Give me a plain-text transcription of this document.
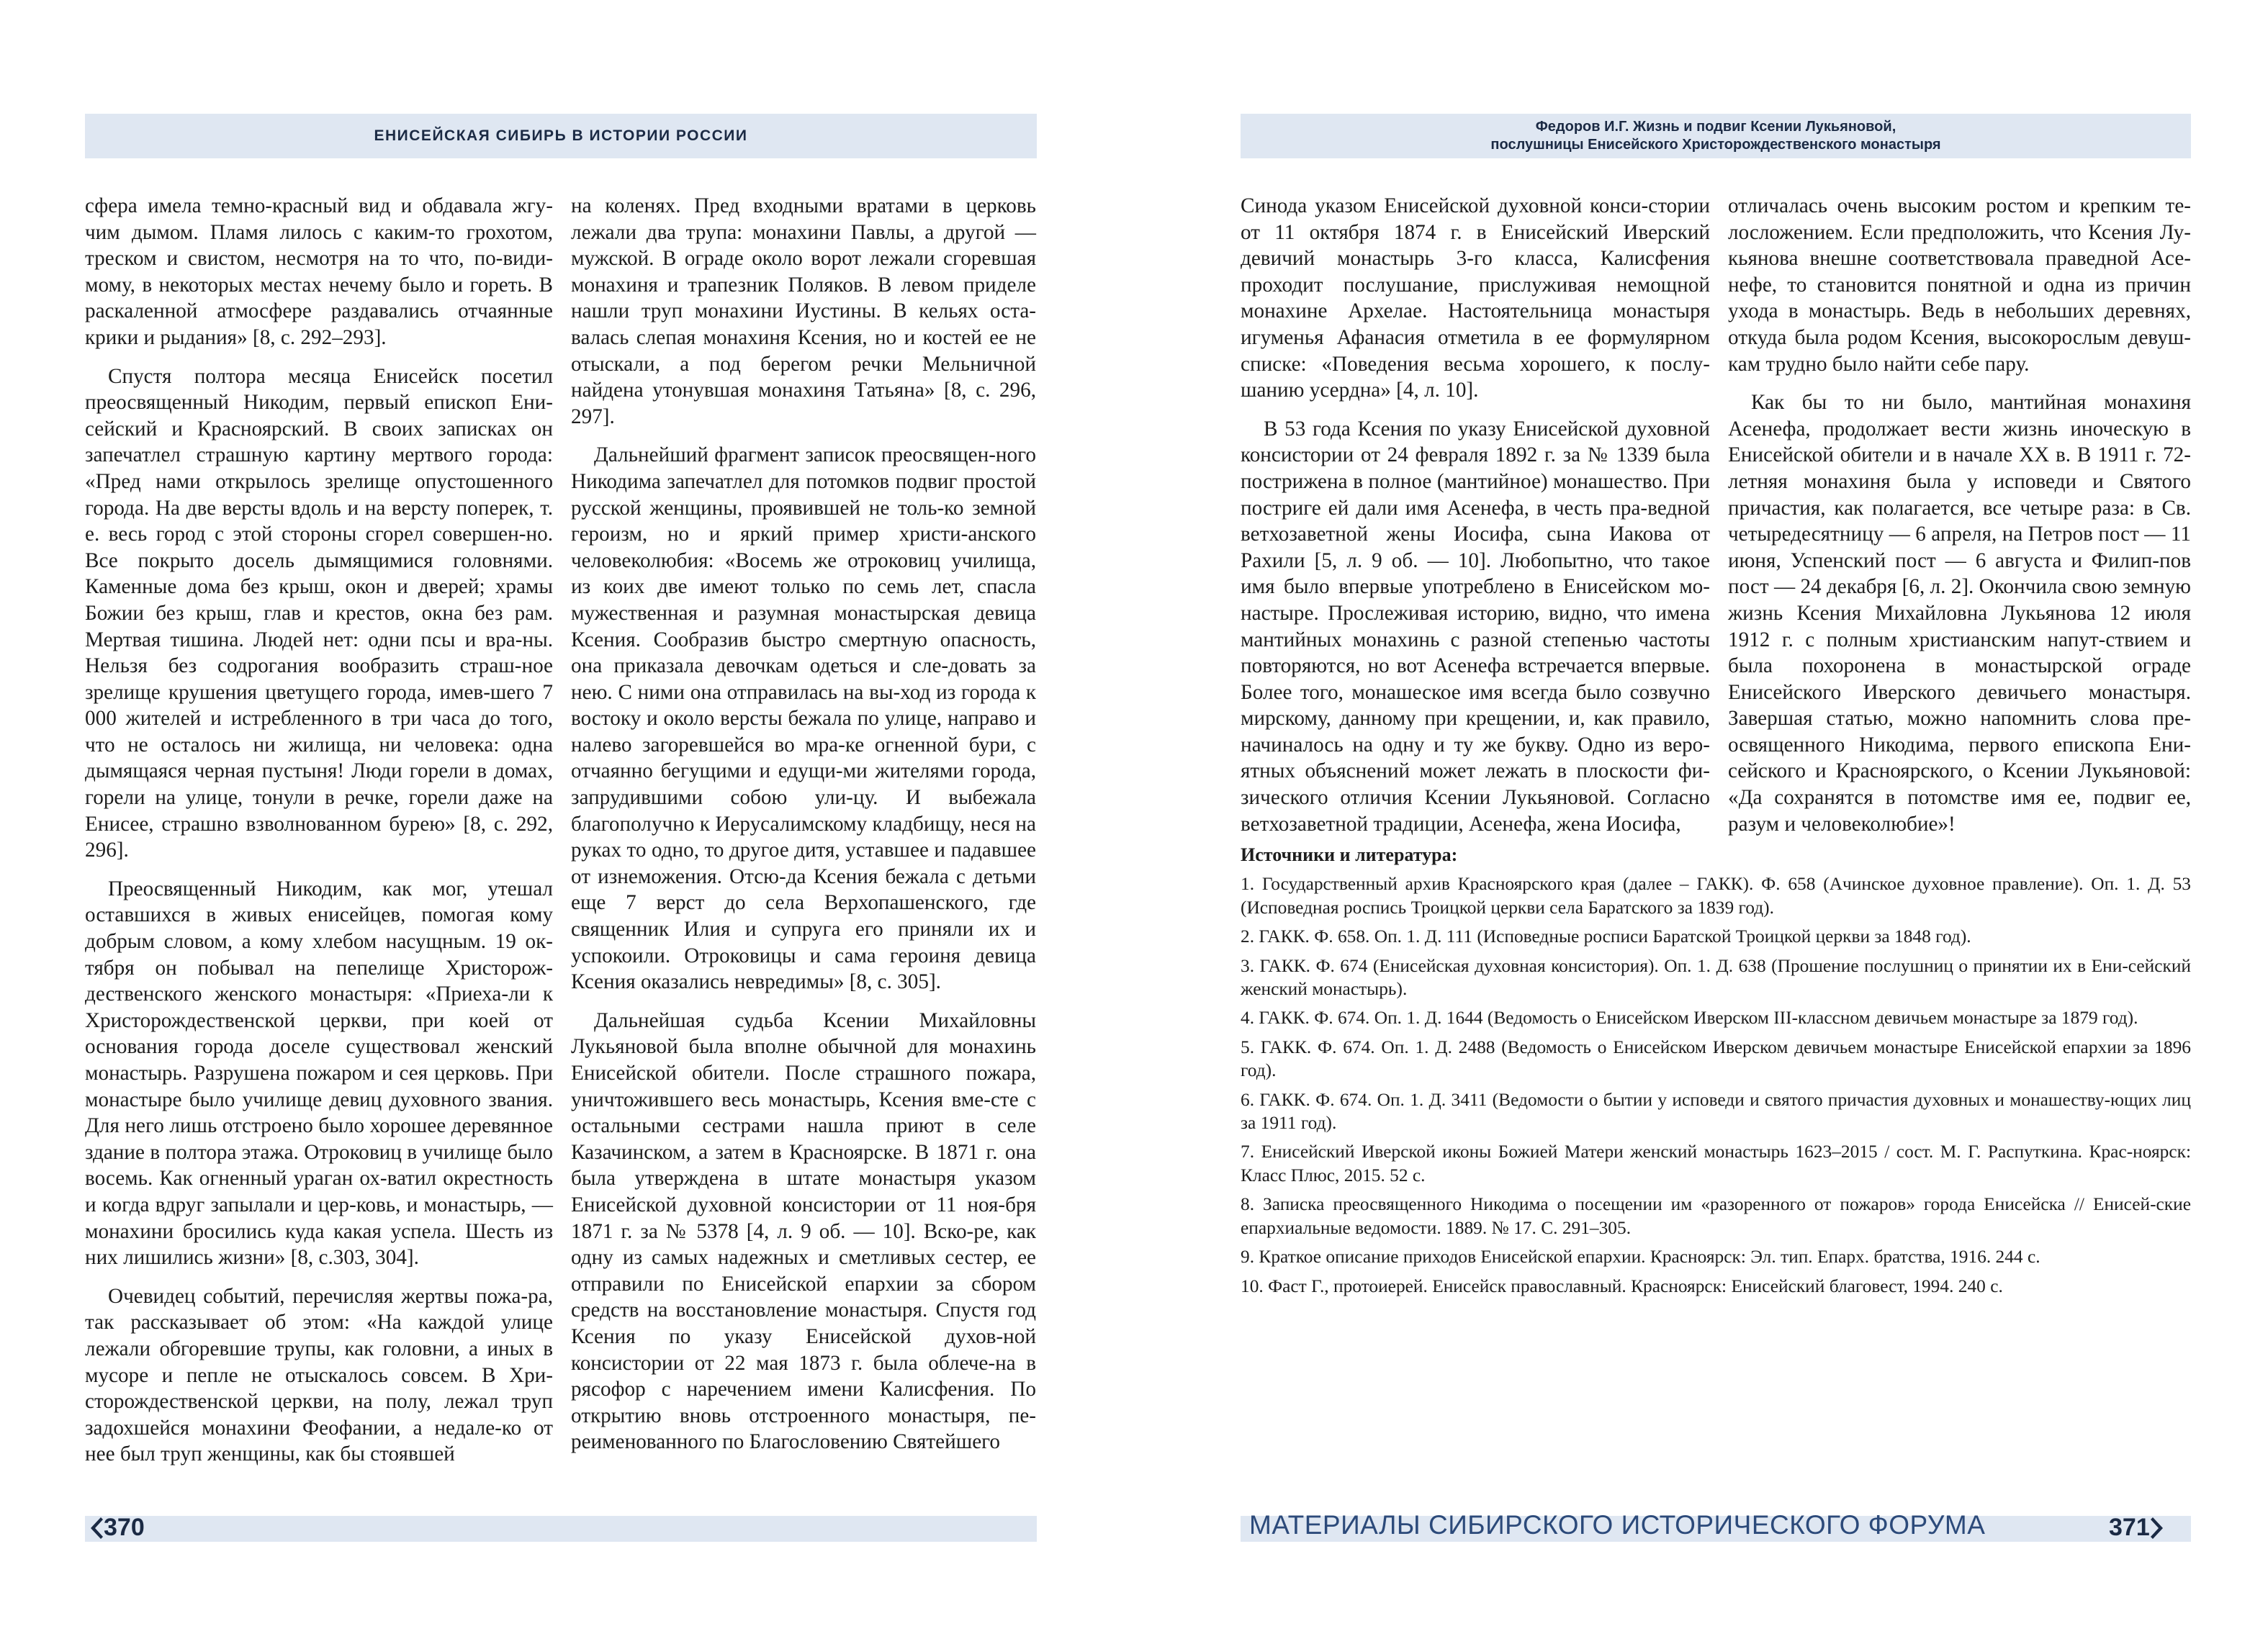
ЕНИСЕЙСКАЯ СИБИРЬ В ИСТОРИИ РОССИИ

сфера имела темно-красный вид и обдавала жгу-чим дымом. Пламя лилось с каким-то грохотом, треском и свистом, несмотря на то что, по-види-мому, в некоторых местах нечему было и гореть. В раскаленной атмосфере раздавались отчаянные крики и рыдания» [8, с. 292–293].

Спустя полтора месяца Енисейск посетил преосвященный Никодим, первый епископ Ени-сейский и Красноярский. В своих записках он запечатлел страшную картину мертвого города: «Пред нами открылось зрелище опустошенного города. На две версты вдоль и на версту поперек, т. е. весь город с этой стороны сгорел совершен-но. Все покрыто досель дымящимися головнями. Каменные дома без крыш, окон и дверей; храмы Божии без крыш, глав и крестов, окна без рам. Мертвая тишина. Людей нет: одни псы и вра-ны. Нельзя без содрогания вообразить страш-ное зрелище крушения цветущего города, имев-шего 7 000 жителей и истребленного в три часа до того, что не осталось ни жилища, ни человека: одна дымящаяся черная пустыня! Люди горели в домах, горели на улице, тонули в речке, горели даже на Енисее, страшно взволнованном бурею» [8, с. 292, 296].

Преосвященный Никодим, как мог, утешал оставшихся в живых енисейцев, помогая кому добрым словом, а кому хлебом насущным. 19 ок-тября он побывал на пепелище Христорож-дественского женского монастыря: «Приеха-ли к Христорождественской церкви, при коей от основания города доселе существовал женский монастырь. Разрушена пожаром и сея церковь. При монастыре было училище девиц духовного звания. Для него лишь отстроено было хорошее деревянное здание в полтора этажа. Отроковиц в училище было восемь. Как огненный ураган ох-ватил окрестность и когда вдруг запылали и цер-ковь, и монастырь, — монахини бросились куда какая успела. Шесть из них лишились жизни» [8, с.303, 304].

Очевидец событий, перечисляя жертвы пожа-ра, так рассказывает об этом: «На каждой улице лежали обгоревшие трупы, как головни, а иных в мусоре и пепле не отыскалось совсем. В Хри-сторождественской церкви, на полу, лежал труп задохшейся монахини Феофании, а недале-ко от нее был труп женщины, как бы стоявшей

на коленях. Пред входными вратами в церковь лежали два трупа: монахини Павлы, а другой — мужской. В ограде около ворот лежали сгоревшая монахиня и трапезник Поляков. В левом приделе нашли труп монахини Иустины. В кельях оста-валась слепая монахиня Ксения, но и костей ее не отыскали, а под берегом речки Мельничной найдена утонувшая монахиня Татьяна» [8, с. 296, 297].

Дальнейший фрагмент записок преосвящен-ного Никодима запечатлел для потомков подвиг простой русской женщины, проявившей не толь-ко земной героизм, но и яркий пример христи-анского человеколюбия: «Восемь же отроковиц училища, из коих две имеют только по семь лет, спасла мужественная и разумная монастырская девица Ксения. Сообразив быстро смертную опасность, она приказала девочкам одеться и сле-довать за нею. С ними она отправилась на вы-ход из города к востоку и около версты бежала по улице, направо и налево загоревшейся во мра-ке огненной бури, с отчаянно бегущими и едущи-ми жителями города, запрудившими собою ули-цу. И выбежала благополучно к Иерусалимскому кладбищу, неся на руках то одно, то другое дитя, уставшее и падавшее от изнеможения. Отсю-да Ксения бежала с детьми еще 7 верст до села Верхопашенского, где священник Илия и супруга его приняли их и успокоили. Отроковицы и сама героиня девица Ксения оказались невредимы» [8, с. 305].

Дальнейшая судьба Ксении Михайловны Лукьяновой была вполне обычной для монахинь Енисейской обители. После страшного пожара, уничтожившего весь монастырь, Ксения вме-сте с остальными сестрами нашла приют в селе Казачинском, а затем в Красноярске. В 1871 г. она была утверждена в штате монастыря указом Енисейской духовной консистории от 11 ноя-бря 1871 г. за № 5378 [4, л. 9 об. — 10]. Вско-ре, как одну из самых надежных и сметливых сестер, ее отправили по Енисейской епархии за сбором средств на восстановление монастыря. Спустя год Ксения по указу Енисейской духов-ной консистории от 22 мая 1873 г. была облече-на в рясофор с наречением имени Калисфения. По открытию вновь отстроенного монастыря, пе-реименованного по Благословению Святейшего

370
Федоров И.Г. Жизнь и подвиг Ксении Лукьяновой,
послушницы Енисейского Христорождественского монастыря

Синода указом Енисейской духовной конси-стории от 11 октября 1874 г. в Енисейский Иверский девичий монастырь 3-го класса, Калисфения проходит послушание, прислуживая немощной монахине Архелае. Настоятельница монастыря игуменья Афанасия отметила в ее формулярном списке: «Поведения весьма хорошего, к послу-шанию усердна» [4, л. 10].

В 53 года Ксения по указу Енисейской духовной консистории от 24 февраля 1892 г. за № 1339 была пострижена в полное (мантийное) монашество. При постриге ей дали имя Асенефа, в честь пра-ведной ветхозаветной жены Иосифа, сына Иакова от Рахили [5, л. 9 об. — 10]. Любопытно, что такое имя было впервые употреблено в Енисейском мо-настыре. Прослеживая историю, видно, что имена мантийных монахинь с разной степенью частоты повторяются, но вот Асенефа встречается впервые. Более того, монашеское имя всегда было созвучно мирскому, данному при крещении, и, как правило, начиналось на одну и ту же букву. Одно из веро-ятных объяснений может лежать в плоскости фи-зического отличия Ксении Лукьяновой. Согласно ветхозаветной традиции, Асенефа, жена Иосифа,

отличалась очень высоким ростом и крепким те-лосложением. Если предположить, что Ксения Лу-кьянова внешне соответствовала праведной Асе-нефе, то становится понятной и одна из причин ухода в монастырь. Ведь в небольших деревнях, откуда была родом Ксения, высокорослым девуш-кам трудно было найти себе пару.

Как бы то ни было, мантийная монахиня Асенефа, продолжает вести жизнь иноческую в Енисейской обители и в начале XX в. В 1911 г. 72-летняя монахиня была у исповеди и Святого причастия, как полагается, все четыре раза: в Св. четыредесятницу — 6 апреля, на Петров пост — 11 июня, Успенский пост — 6 августа и Филип-пов пост — 24 декабря [6, л. 2]. Окончила свою земную жизнь Ксения Михайловна Лукьянова 12 июля 1912 г. с полным христианским напут-ствием и была похоронена в монастырской ограде Енисейского Иверского девичьего монастыря. Завершая статью, можно напомнить слова пре-освященного Никодима, первого епископа Ени-сейского и Красноярского, о Ксении Лукьяновой: «Да сохранятся в потомстве имя ее, подвиг ее, разум и человеколюбие»!

Источники и литература:
1. Государственный архив Красноярского края (далее – ГАКК). Ф. 658 (Ачинское духовное правление). Оп. 1. Д. 53 (Исповедная роспись Троицкой церкви села Баратского за 1839 год).
2. ГАКК. Ф. 658. Оп. 1. Д. 111 (Исповедные росписи Баратской Троицкой церкви за 1848 год).
3. ГАКК. Ф. 674 (Енисейская духовная консистория). Оп. 1. Д. 638 (Прошение послушниц о принятии их в Ени-сейский женский монастырь).
4. ГАКК. Ф. 674. Оп. 1. Д. 1644 (Ведомость о Енисейском Иверском III-классном девичьем монастыре за 1879 год).
5. ГАКК. Ф. 674. Оп. 1. Д. 2488 (Ведомость о Енисейском Иверском девичьем монастыре Енисейской епархии за 1896 год).
6. ГАКК. Ф. 674. Оп. 1. Д. 3411 (Ведомости о бытии у исповеди и святого причастия духовных и монашеству-ющих лиц за 1911 год).
7. Енисейский Иверской иконы Божией Матери женский монастырь 1623–2015 / сост. М. Г. Распуткина. Крас-ноярск: Класс Плюс, 2015. 52 с.
8. Записка преосвященного Никодима о посещении им «разоренного от пожаров» города Енисейска // Енисей-ские епархиальные ведомости. 1889. № 17. С. 291–305.
9. Краткое описание приходов Енисейской епархии. Красноярск: Эл. тип. Епарх. братства, 1916. 244 с.
10. Фаст Г., протоиерей. Енисейск православный. Красноярск: Енисейский благовест, 1994. 240 с.
МАТЕРИАЛЫ СИБИРСКОГО ИСТОРИЧЕСКОГО ФОРУМА	371
